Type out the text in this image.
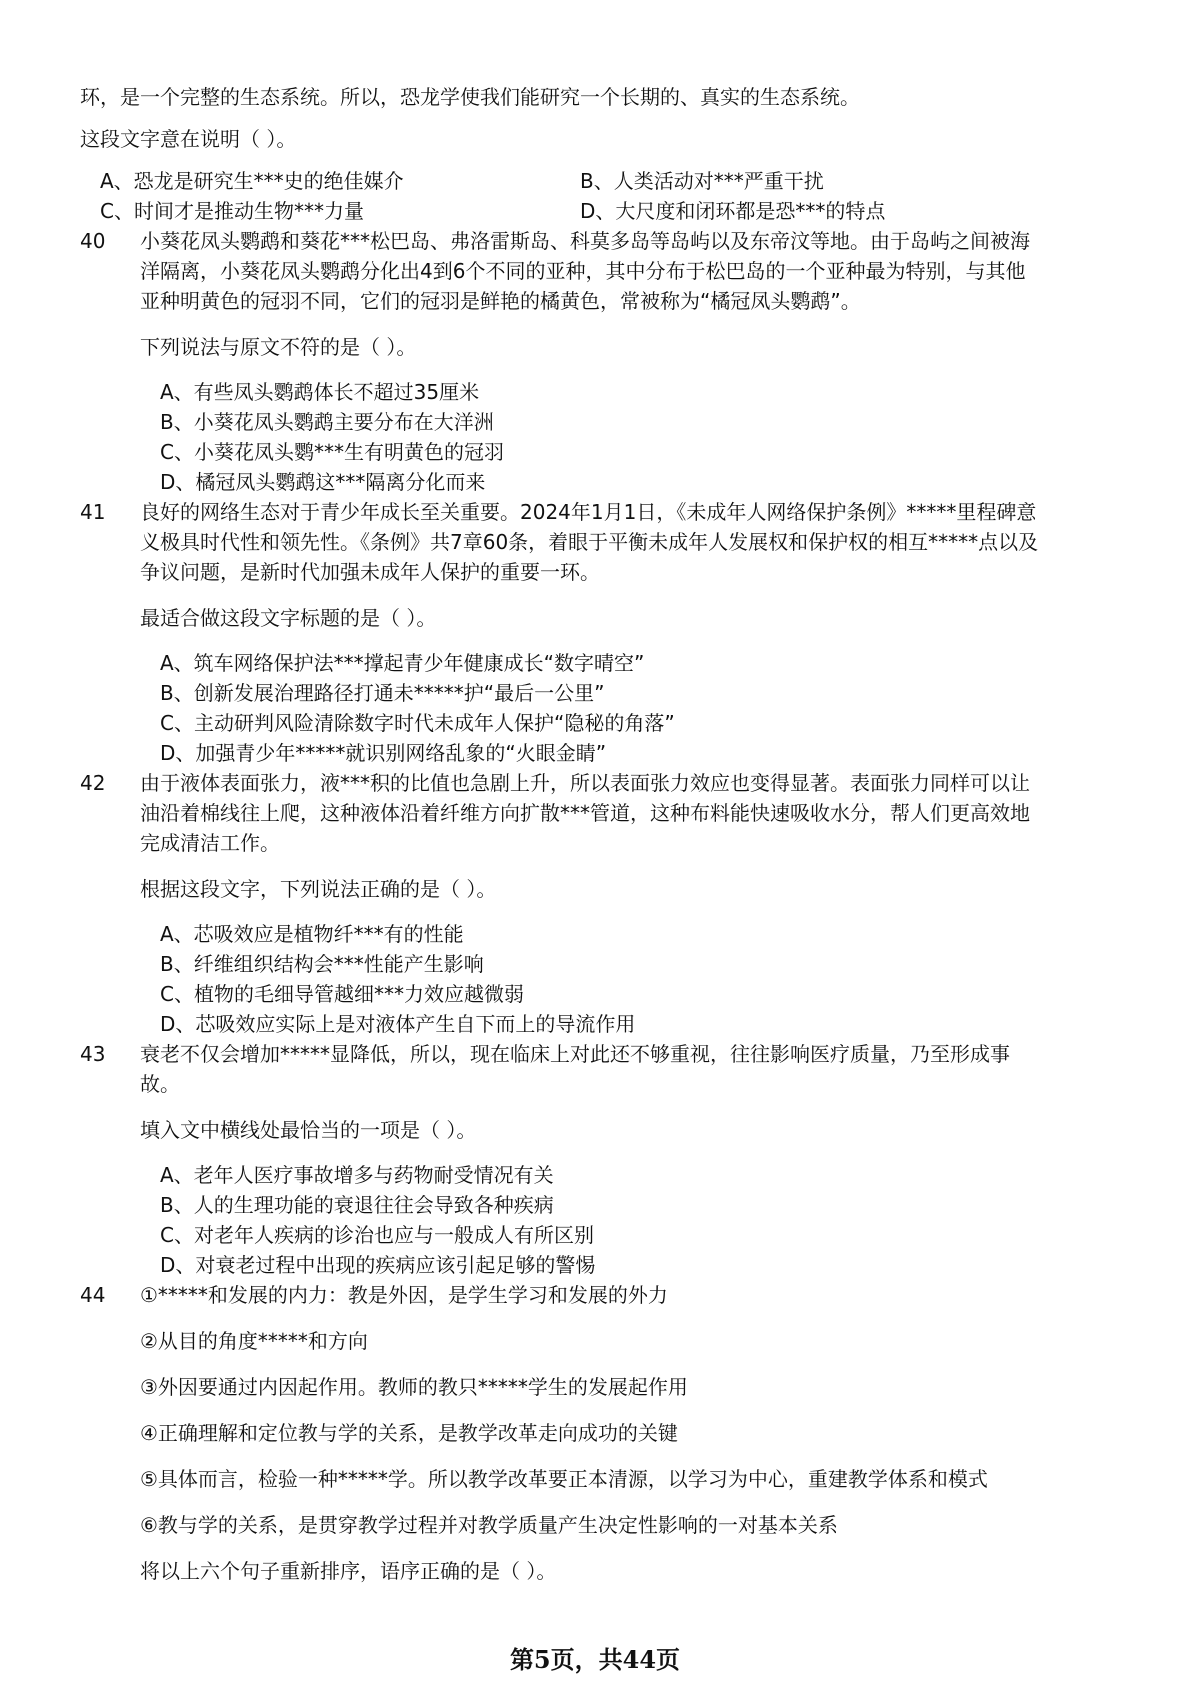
环，是一个完整的生态系统。所以，恐龙学使我们能研究一个长期的、真实的生态系统。
这段文字意在说明（ ）。
A、恐龙是研究生***史的绝佳媒介	B、人类活动对***严重干扰
C、时间才是推动生物***力量	D、大尺度和闭环都是恐***的特点
40 小葵花凤头鹦鹉和葵花***松巴岛、弗洛雷斯岛、科莫多岛等岛屿以及东帝汶等地。由于岛屿之间被海
洋隔离，小葵花凤头鹦鹉分化出4到6个不同的亚种，其中分布于松巴岛的一个亚种最为特别，与其他
亚种明黄色的冠羽不同，它们的冠羽是鲜艳的橘黄色，常被称为“橘冠凤头鹦鹉”。
下列说法与原文不符的是（ ）。
A、有些凤头鹦鹉体长不超过35厘米
B、小葵花凤头鹦鹉主要分布在大洋洲
C、小葵花凤头鹦***生有明黄色的冠羽
D、橘冠凤头鹦鹉这***隔离分化而来
41 良好的网络生态对于青少年成长至关重要。2024年1月1日，《未成年人网络保护条例》*****里程碑意
义极具时代性和领先性。《条例》共7章60条，着眼于平衡未成年人发展权和保护权的相互*****点以及
争议问题，是新时代加强未成年人保护的重要一环。
最适合做这段文字标题的是（ ）。
A、筑车网络保护法***撑起青少年健康成长“数字晴空”
B、创新发展治理路径打通未*****护“最后一公里”
C、主动研判风险清除数字时代未成年人保护“隐秘的角落”
D、加强青少年*****就识别网络乱象的“火眼金睛”
42 由于液体表面张力，液***积的比值也急剧上升，所以表面张力效应也变得显著。表面张力同样可以让
油沿着棉线往上爬，这种液体沿着纤维方向扩散***管道，这种布料能快速吸收水分，帮人们更高效地
完成清洁工作。
根据这段文字，下列说法正确的是（ ）。
A、芯吸效应是植物纤***有的性能
B、纤维组织结构会***性能产生影响
C、植物的毛细导管越细***力效应越微弱
D、芯吸效应实际上是对液体产生自下而上的导流作用
43 衰老不仅会增加*****显降低，所以，现在临床上对此还不够重视，往往影响医疗质量，乃至形成事
故。
填入文中横线处最恰当的一项是（ ）。
A、老年人医疗事故增多与药物耐受情况有关
B、人的生理功能的衰退往往会导致各种疾病
C、对老年人疾病的诊治也应与一般成人有所区别
D、对衰老过程中出现的疾病应该引起足够的警惕
44 ①*****和发展的内力：教是外因，是学生学习和发展的外力
②从目的角度*****和方向
③外因要通过内因起作用。教师的教只*****学生的发展起作用
④正确理解和定位教与学的关系，是教学改革走向成功的关键
⑤具体而言，检验一种*****学。所以教学改革要正本清源，以学习为中心，重建教学体系和模式
⑥教与学的关系，是贯穿教学过程并对教学质量产生决定性影响的一对基本关系
将以上六个句子重新排序，语序正确的是（ ）。
第5页，共44页
